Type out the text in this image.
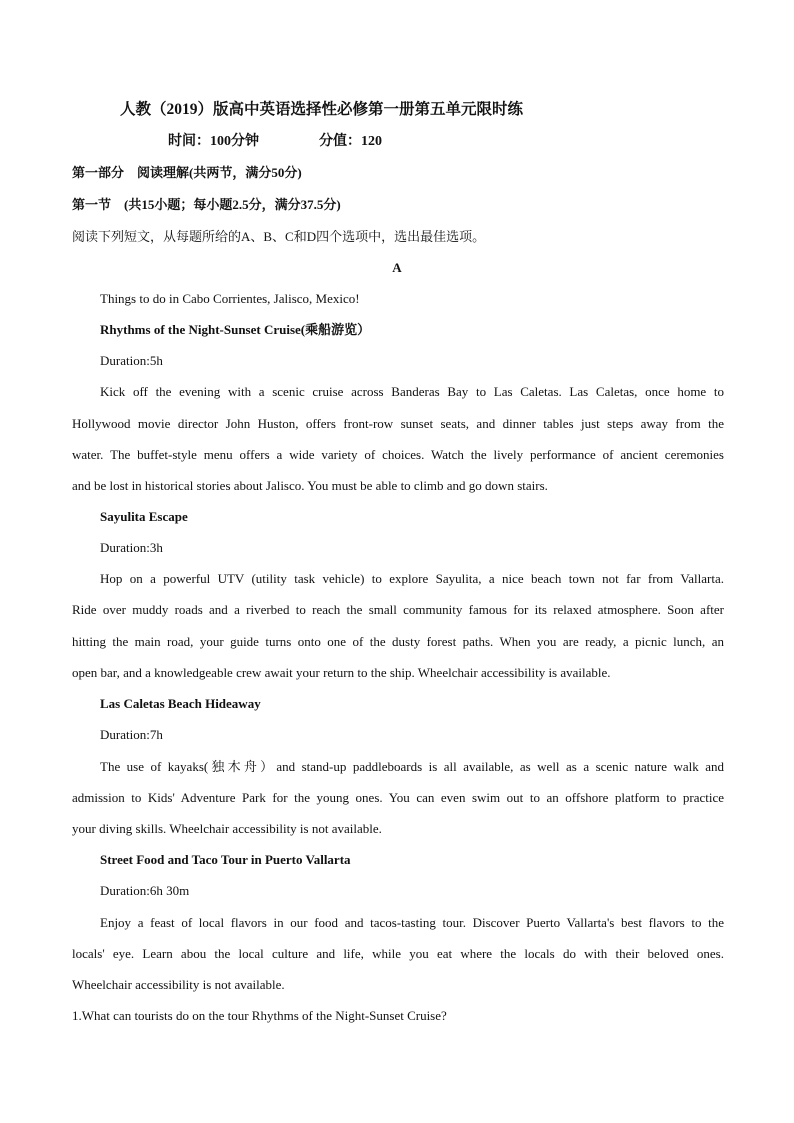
人教（2019）版高中英语选择性必修第一册第五单元限时练
时间：100分钟	分值：120
第一部分　阅读理解(共两节，满分50分)
第一节　(共15小题；每小题2.5分，满分37.5分)
阅读下列短文，从每题所给的A、B、C和D四个选项中，选出最佳选项。
A
Things to do in Cabo Corrientes, Jalisco, Mexico!
Rhythms of the Night-Sunset Cruise(乘船游览）
Duration:5h
Kick off the evening with a scenic cruise across Banderas Bay to Las Caletas. Las Caletas, once home to
Hollywood movie director John Huston, offers front-row sunset seats, and dinner tables just steps away from the
water. The buffet-style menu offers a wide variety of choices. Watch the lively performance of ancient ceremonies
and be lost in historical stories about Jalisco. You must be able to climb and go down stairs.
Sayulita Escape
Duration:3h
Hop on a powerful UTV (utility task vehicle) to explore Sayulita, a nice beach town not far from Vallarta.
Ride over muddy roads and a riverbed to reach the small community famous for its relaxed atmosphere. Soon after
hitting the main road, your guide turns onto one of the dusty forest paths. When you are ready, a picnic lunch, an
open bar, and a knowledgeable crew await your return to the ship. Wheelchair accessibility is available.
Las Caletas Beach Hideaway
Duration:7h
The use of kayaks(独木舟）and stand-up paddleboards is all available, as well as a scenic nature walk and
admission to Kids' Adventure Park for the young ones. You can even swim out to an offshore platform to practice
your diving skills. Wheelchair accessibility is not available.
Street Food and Taco Tour in Puerto Vallarta
Duration:6h 30m
Enjoy a feast of local flavors in our food and tacos-tasting tour. Discover Puerto Vallarta's best flavors to the
locals' eye. Learn abou the local culture and life, while you eat where the locals do with their beloved ones.
Wheelchair accessibility is not available.
1.What can tourists do on the tour Rhythms of the Night-Sunset Cruise?
